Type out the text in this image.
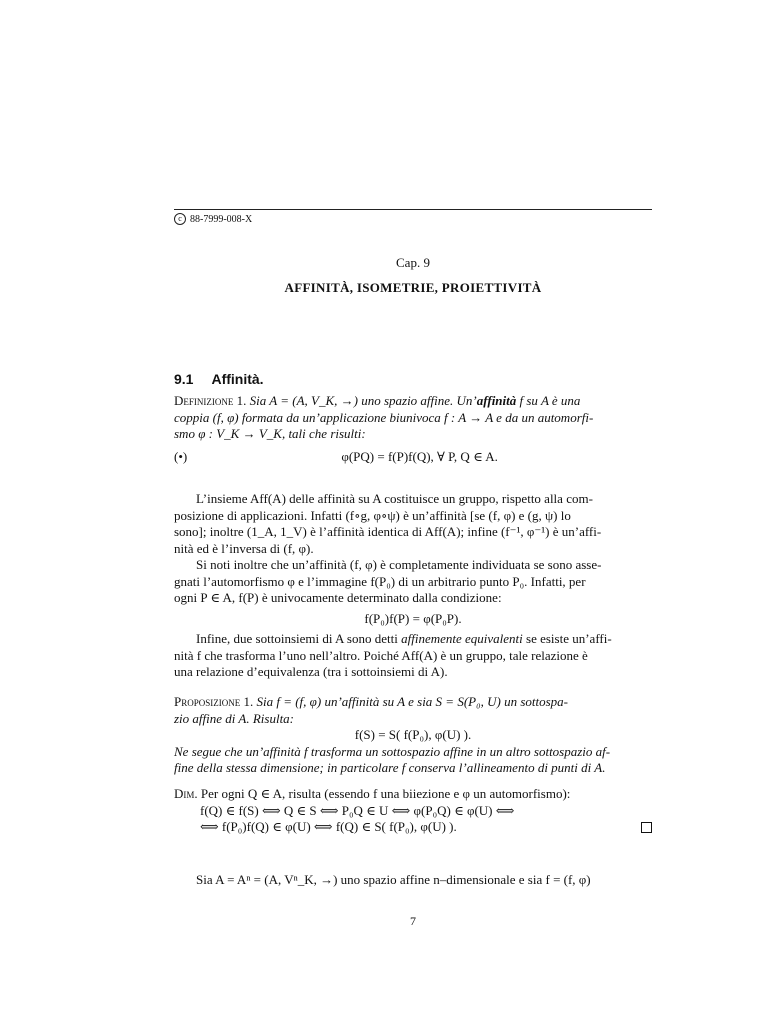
c 88-7999-008-X
Cap. 9
AFFINITÀ, ISOMETRIE, PROIETTIVITÀ
9.1 Affinità.
Definizione 1. Sia A = (A, V_K, →) uno spazio affine. Un’affinità f su A è una
coppia (f, φ) formata da un’applicazione biunivoca f : A → A e da un automorfi-
smo φ : V_K → V_K, tali che risulti:
(•)	φ(PQ) = f(P)f(Q), ∀ P, Q ∈ A.
L’insieme Aff(A) delle affinità su A costituisce un gruppo, rispetto alla com-
posizione di applicazioni. Infatti (f∘g, φ∘ψ) è un’affinità [se (f, φ) e (g, ψ) lo
sono]; inoltre (1_A, 1_V) è l’affinità identica di Aff(A); infine (f⁻¹, φ⁻¹) è un’affi-
nità ed è l’inversa di (f, φ).
Si noti inoltre che un’affinità (f, φ) è completamente individuata se sono asse-
gnati l’automorfismo φ e l’immagine f(P₀) di un arbitrario punto P₀. Infatti, per
ogni P ∈ A, f(P) è univocamente determinato dalla condizione:
f(P₀)f(P) = φ(P₀P).
Infine, due sottoinsiemi di A sono detti affinemente equivalenti se esiste un’affi-
nità f che trasforma l’uno nell’altro. Poiché Aff(A) è un gruppo, tale relazione è
una relazione d’equivalenza (tra i sottoinsiemi di A).
Proposizione 1. Sia f = (f, φ) un’affinità su A e sia S = S(P₀, U) un sottospa-
zio affine di A. Risulta:
f(S) = S( f(P₀), φ(U) ).
Ne segue che un’affinità f trasforma un sottospazio affine in un altro sottospazio af-
fine della stessa dimensione; in particolare f conserva l’allineamento di punti di A.
Dim. Per ogni Q ∈ A, risulta (essendo f una biiezione e φ un automorfismo):
f(Q) ∈ f(S) ⟺ Q ∈ S ⟺ P₀Q ∈ U ⟺ φ(P₀Q) ∈ φ(U) ⟺
⟺ f(P₀)f(Q) ∈ φ(U) ⟺ f(Q) ∈ S( f(P₀), φ(U) ).
Sia A = Aⁿ = (A, Vⁿ_K, →) uno spazio affine n–dimensionale e sia f = (f, φ)
7
